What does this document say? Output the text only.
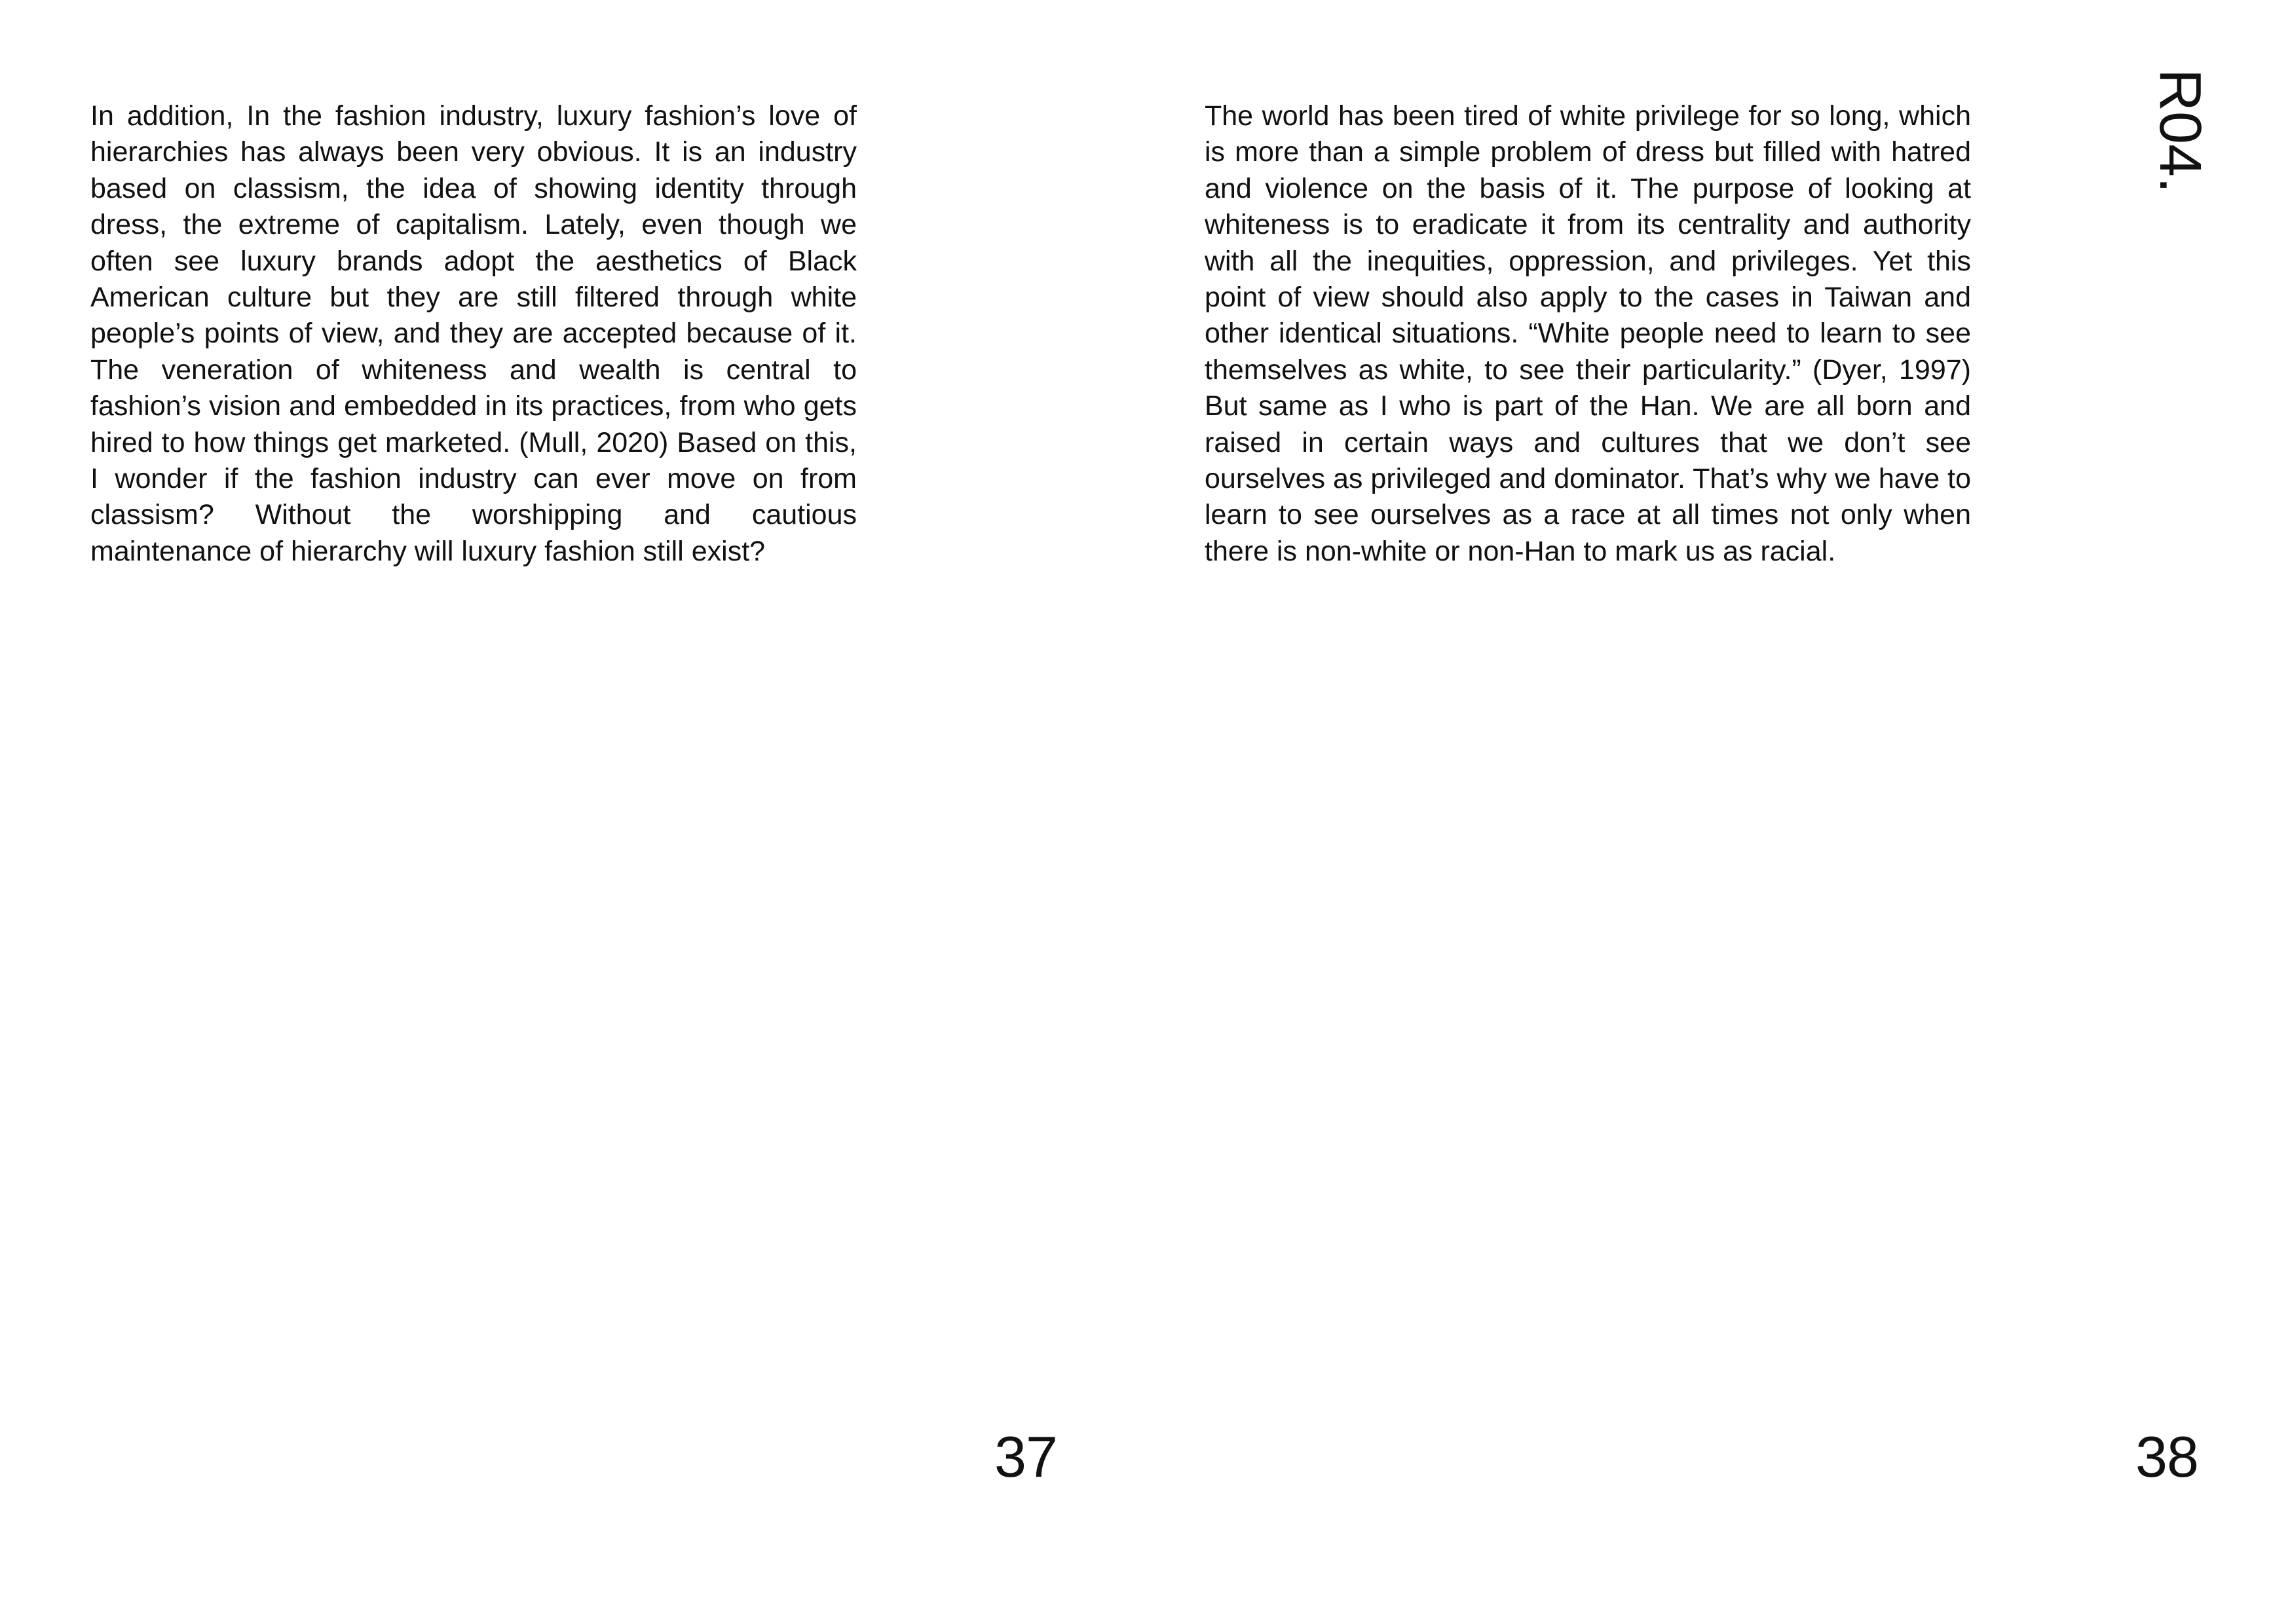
In addition, In the fashion industry, luxury fashion’s love of hierarchies has always been very obvious. It is an industry based on classism, the idea of showing identity through dress, the extreme of capitalism. Lately, even though we often see luxury brands adopt the aesthetics of Black American culture but they are still filtered through white people’s points of view, and they are accepted because of it. The veneration of whiteness and wealth is central to fashion’s vision and embedded in its practices, from who gets hired to how things get marketed. (Mull, 2020) Based on this, I wonder if the fashion industry can ever move on from classism? Without the worshipping and cautious maintenance of hierarchy will luxury fashion still exist?

37

The world has been tired of white privilege for so long, which is more than a simple problem of dress but filled with hatred and violence on the basis of it. The purpose of looking at whiteness is to eradicate it from its centrality and authority with all the inequities, oppression, and privileges. Yet this point of view should also apply to the cases in Taiwan and other identical situations. “White people need to learn to see themselves as white, to see their particularity.” (Dyer, 1997) But same as I who is part of the Han. We are all born and raised in certain ways and cultures that we don’t see ourselves as privileged and dominator. That’s why we have to learn to see ourselves as a race at all times not only when there is non-white or non-Han to mark us as racial.

R04.
38
